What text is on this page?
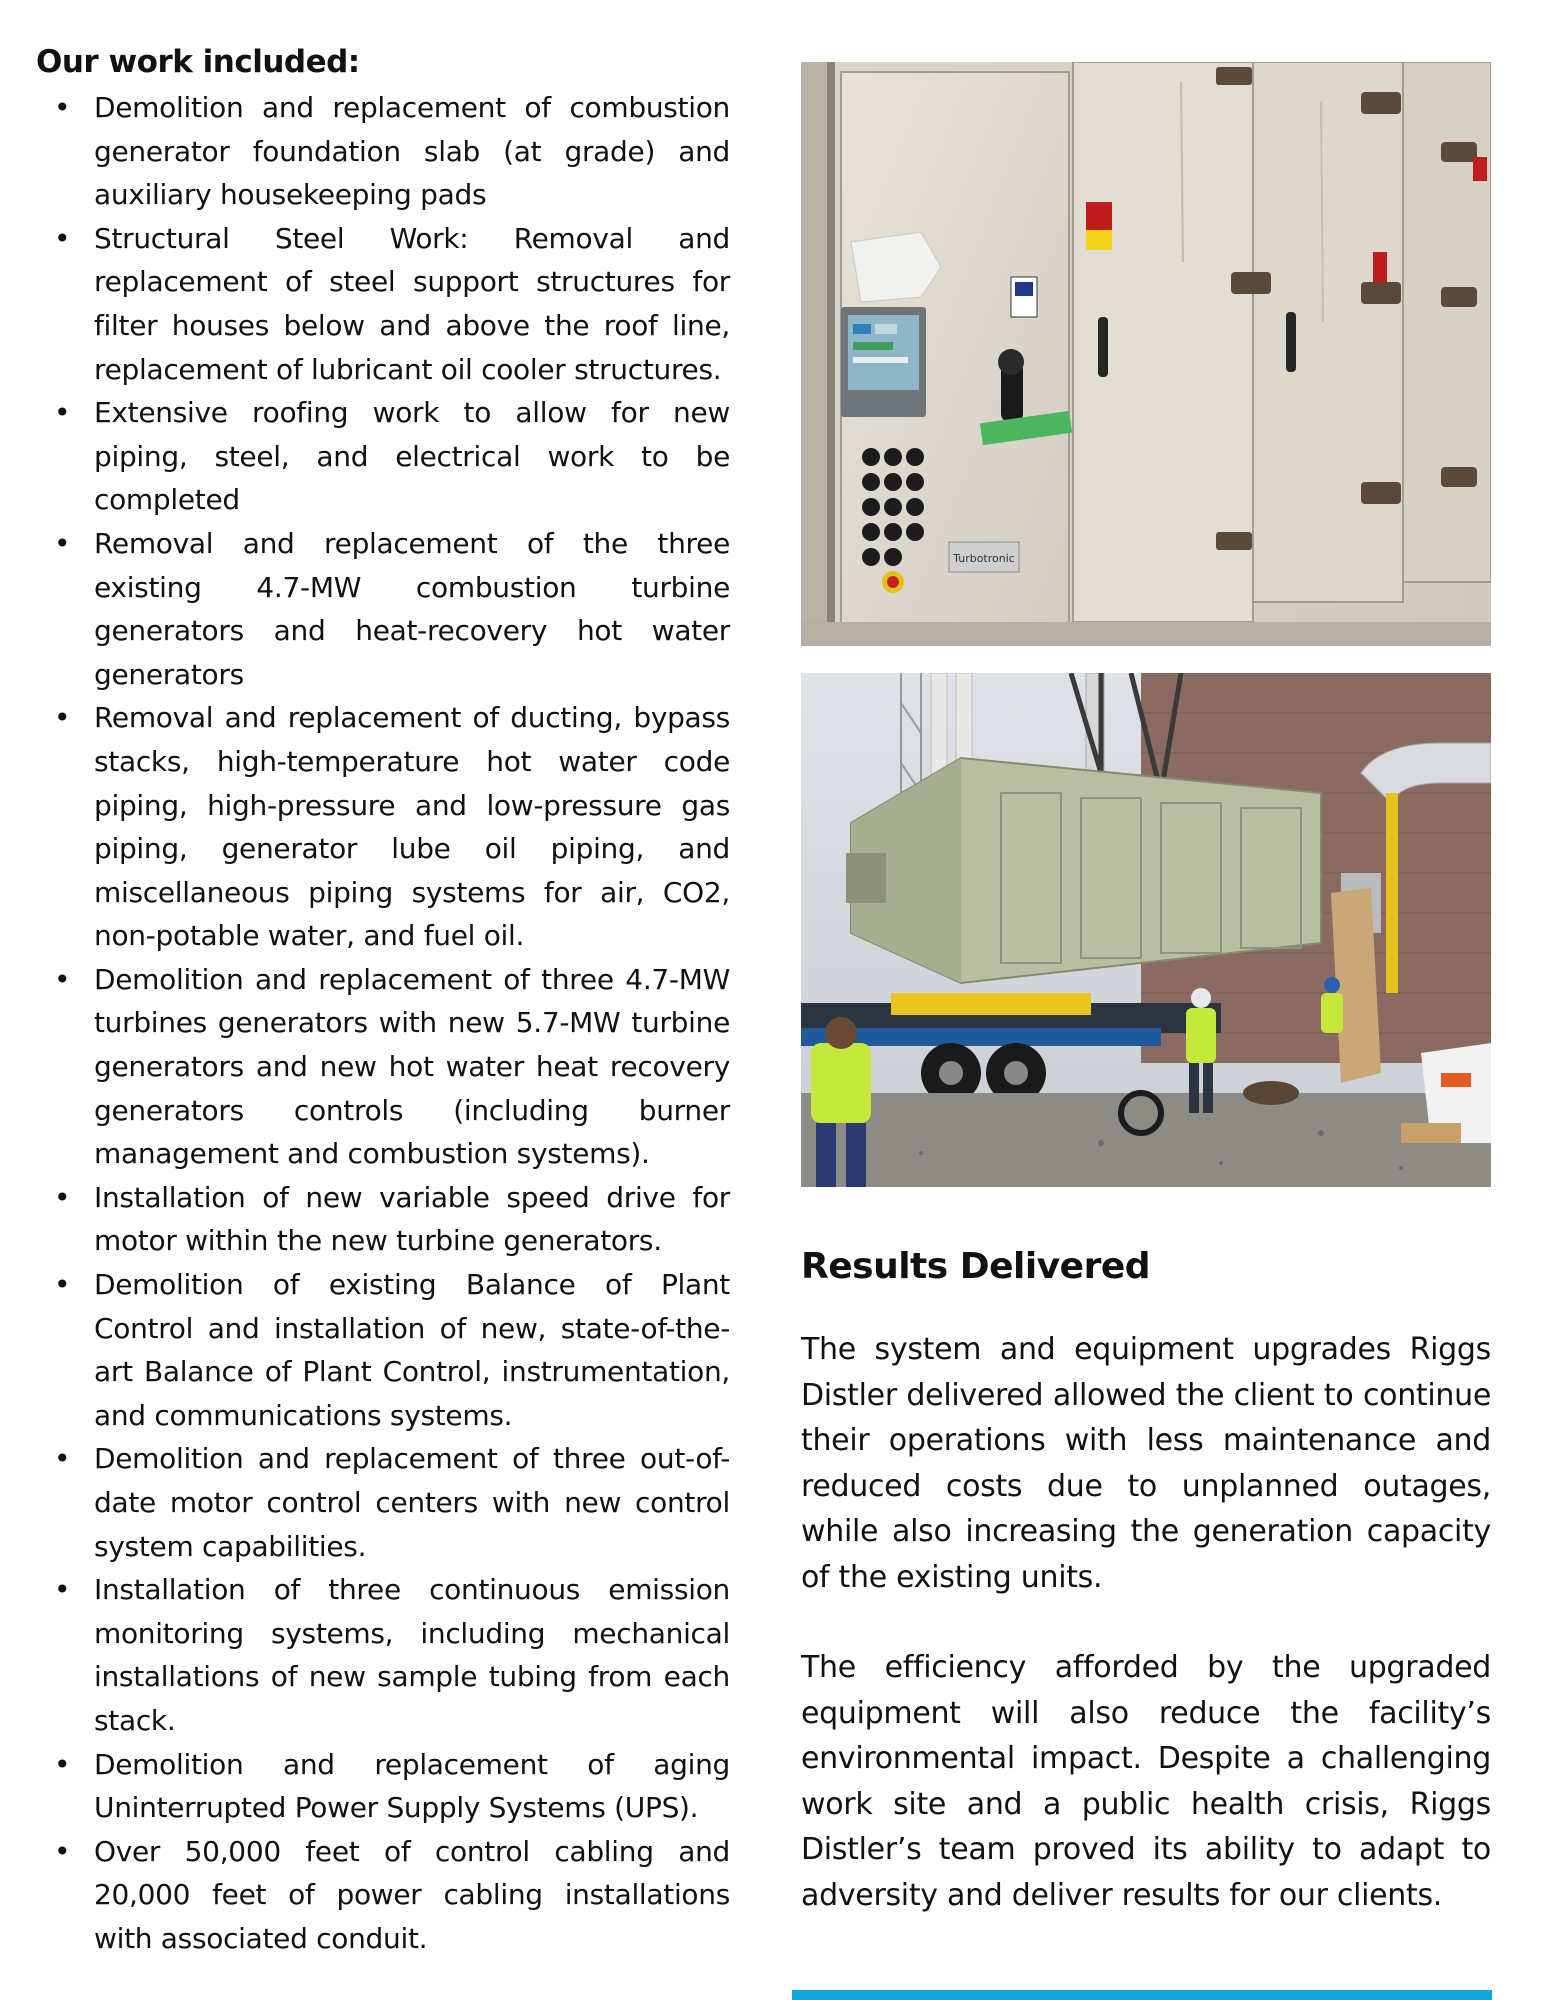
Our work included:
• Demolition and replacement of combustion generator foundation slab (at grade) and auxiliary housekeeping pads
• Structural Steel Work: Removal and replacement of steel support structures for filter houses below and above the roof line, replacement of lubricant oil cooler structures.
• Extensive roofing work to allow for new piping, steel, and electrical work to be completed
• Removal and replacement of the three existing 4.7-MW combustion turbine generators and heat-recovery hot water generators
• Removal and replacement of ducting, bypass stacks, high-temperature hot water code piping, high-pressure and low-pressure gas piping, generator lube oil piping, and miscellaneous piping systems for air, CO2, non-potable water, and fuel oil.
• Demolition and replacement of three 4.7-MW turbines generators with new 5.7-MW turbine generators and new hot water heat recovery generators controls (including burner management and combustion systems).
• Installation of new variable speed drive for motor within the new turbine generators.
• Demolition of existing Balance of Plant Control and installation of new, state-of-the-art Balance of Plant Control, instrumentation, and communications systems.
• Demolition and replacement of three out-of-date motor control centers with new control system capabilities.
• Installation of three continuous emission monitoring systems, including mechanical installations of new sample tubing from each stack.
• Demolition and replacement of aging Uninterrupted Power Supply Systems (UPS).
• Over 50,000 feet of control cabling and 20,000 feet of power cabling installations with associated conduit.
Turbotronic
Results Delivered

The system and equipment upgrades Riggs Distler delivered allowed the client to continue their operations with less maintenance and reduced costs due to unplanned outages, while also increasing the generation capacity of the existing units.

The efficiency afforded by the upgraded equipment will also reduce the facility’s environmental impact. Despite a challenging work site and a public health crisis, Riggs Distler’s team proved its ability to adapt to adversity and deliver results for our clients.
